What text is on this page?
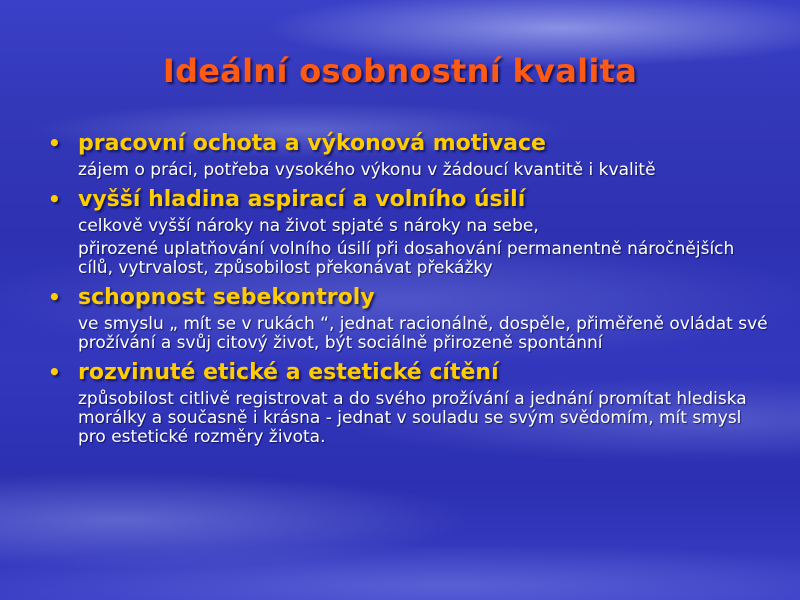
Ideální osobnostní kvalita
• pracovní ochota a výkonová motivace

zájem o práci, potřeba vysokého výkonu v žádoucí kvantitě i kvalitě

• vyšší hladina aspirací a volního úsilí

celkově vyšší nároky na život spjaté s nároky na sebe,

přirozené uplatňování volního úsilí při dosahování permanentně náročnějších cílů, vytrvalost, způsobilost překonávat překážky

• schopnost sebekontroly

ve smyslu „ mít se v rukách “, jednat racionálně, dospěle, přiměřeně ovládat své prožívání a svůj citový život, být sociálně přirozeně spontánní

• rozvinuté etické a estetické cítění

způsobilost citlivě registrovat a do svého prožívání a jednání promítat hlediska morálky a současně i krásna - jednat v souladu se svým svědomím, mít smysl pro estetické rozměry života.
